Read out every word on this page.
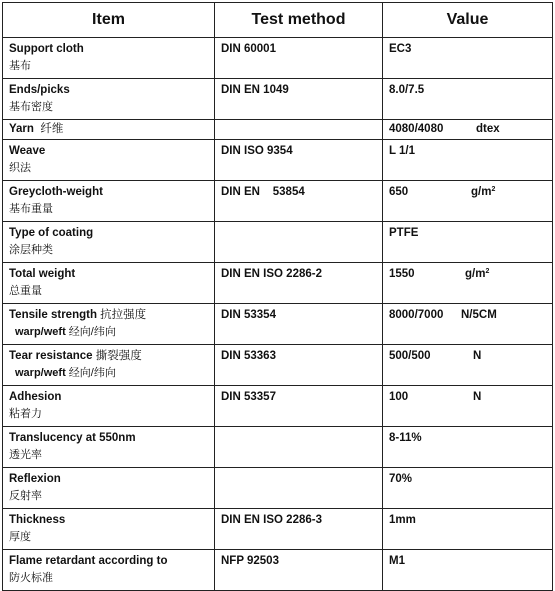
Item	Test method	Value
Support cloth
基布	DIN 60001	EC3
Ends/picks
基布密度	DIN EN 1049	8.0/7.5
Yarn 纤维		4080/4080 dtex

Weave
织法	DIN ISO 9354	L 1/1
Greycloth-weight
基布重量	DIN EN    53854	650 $g/m^2$

Type of coating
涂层种类		PTFE
Total weight
总重量	DIN EN ISO 2286-2	1550 $g/m^2$

Tensile strength 抗拉强度
warp/weft 经向/纬向	DIN 53354	8000/7000 N/5CM

Tear resistance 撕裂强度
warp/weft 经向/纬向	DIN 53363	500/500 N

Adhesion
粘着力	DIN 53357	100 N

Translucency at 550nm
透光率		8-11%
Reflexion
反射率		70%
Thickness
厚度	DIN EN ISO 2286-3	1mm
Flame retardant according to
防火标准	NFP 92503	M1
